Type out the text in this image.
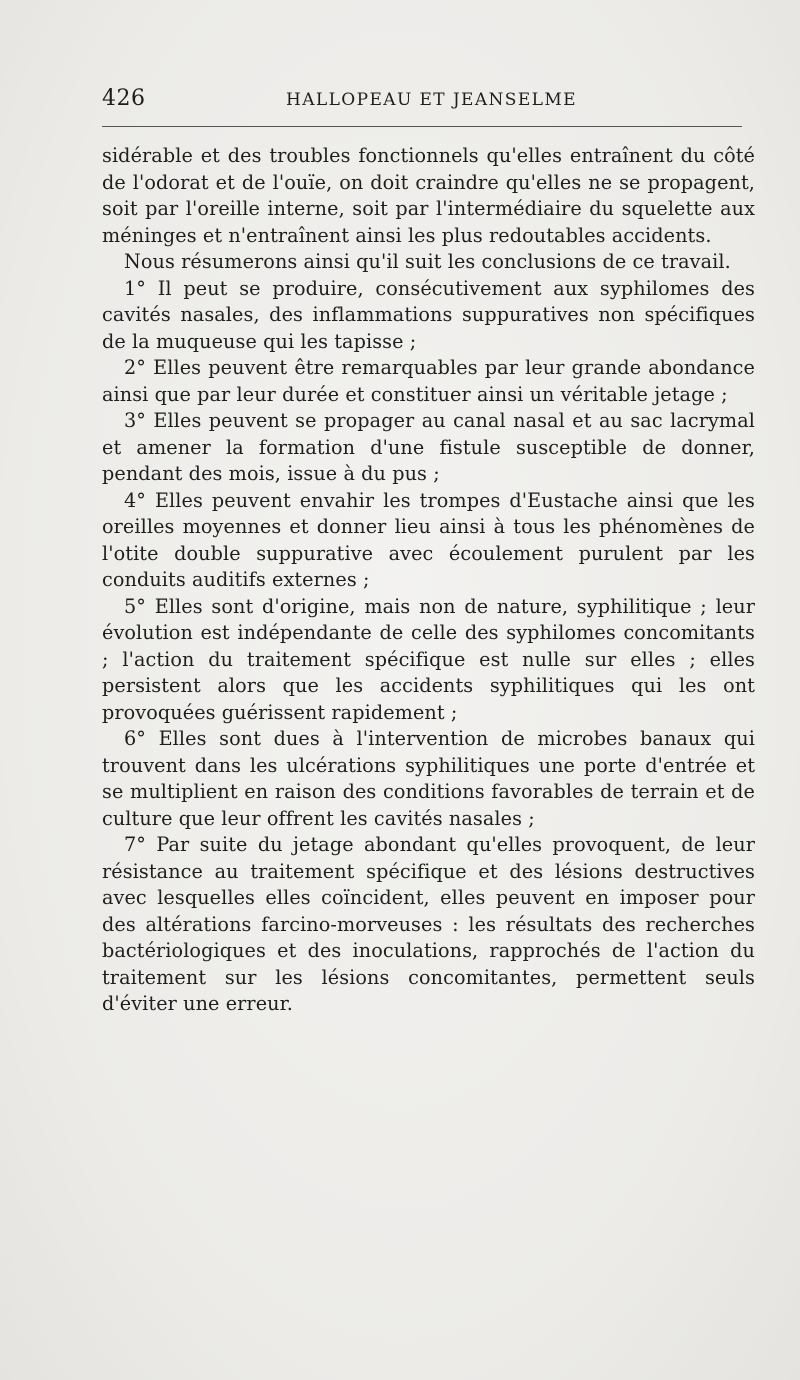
426	HALLOPEAU ET JEANSELME

sidérable et des troubles fonctionnels qu'elles entraînent du côté de l'odorat et de l'ouïe, on doit craindre qu'elles ne se propagent, soit par l'oreille interne, soit par l'intermédiaire du squelette aux méninges et n'entraînent ainsi les plus redoutables accidents.

Nous résumerons ainsi qu'il suit les conclusions de ce travail.

1° Il peut se produire, consécutivement aux syphilomes des cavités nasales, des inflammations suppuratives non spécifiques de la muqueuse qui les tapisse ;

2° Elles peuvent être remarquables par leur grande abondance ainsi que par leur durée et constituer ainsi un véritable jetage ;

3° Elles peuvent se propager au canal nasal et au sac lacrymal et amener la formation d'une fistule susceptible de donner, pendant des mois, issue à du pus ;

4° Elles peuvent envahir les trompes d'Eustache ainsi que les oreilles moyennes et donner lieu ainsi à tous les phénomènes de l'otite double suppurative avec écoulement purulent par les conduits auditifs externes ;

5° Elles sont d'origine, mais non de nature, syphilitique ; leur évolution est indépendante de celle des syphilomes concomitants ; l'action du traitement spécifique est nulle sur elles ; elles persistent alors que les accidents syphilitiques qui les ont provoquées guérissent rapidement ;

6° Elles sont dues à l'intervention de microbes banaux qui trouvent dans les ulcérations syphilitiques une porte d'entrée et se multiplient en raison des conditions favorables de terrain et de culture que leur offrent les cavités nasales ;

7° Par suite du jetage abondant qu'elles provoquent, de leur résistance au traitement spécifique et des lésions destructives avec lesquelles elles coïncident, elles peuvent en imposer pour des altérations farcino-morveuses : les résultats des recherches bactériologiques et des inoculations, rapprochés de l'action du traitement sur les lésions concomitantes, permettent seuls d'éviter une erreur.
